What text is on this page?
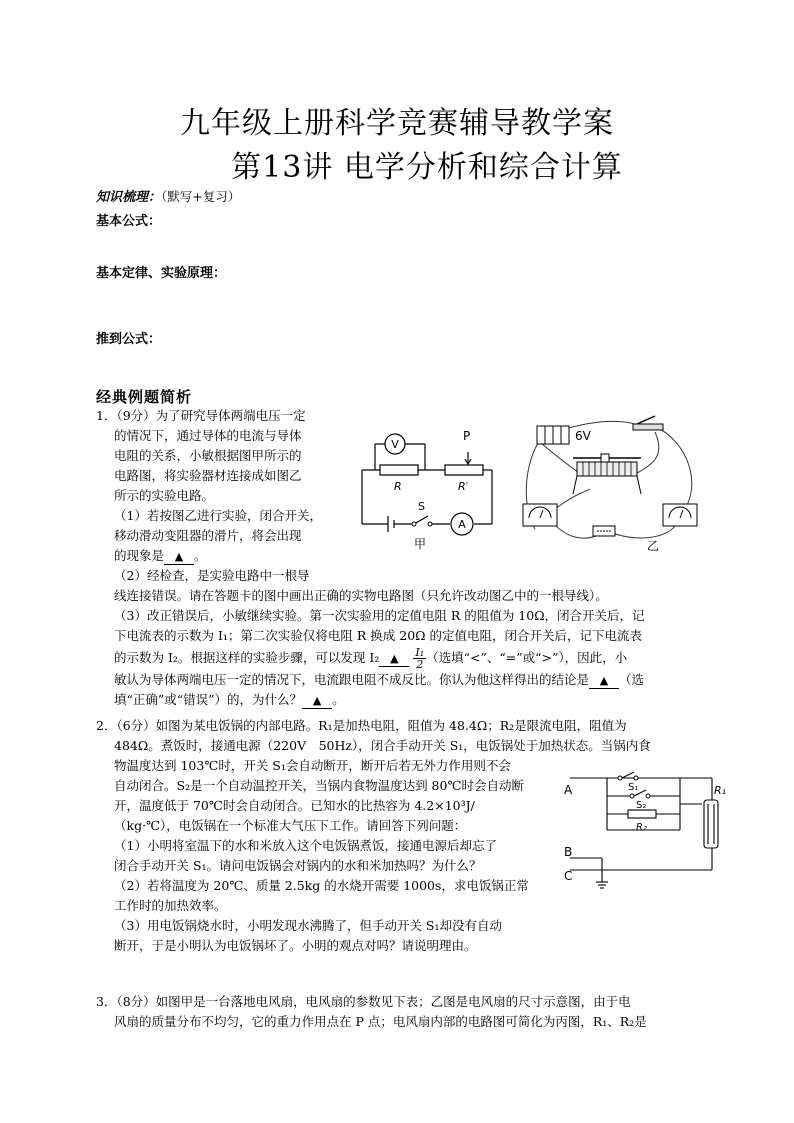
九年级上册科学竞赛辅导教学案
第13讲 电学分析和综合计算
知识梳理：（默写+复习）
基本公式：
基本定律、实验原理：
推到公式：
经典例题简析
1．（9分）为了研究导体两端电压一定
的情况下，通过导体的电流与导体
电阻的关系，小敏根据图甲所示的
电路图，将实验器材连接成如图乙
所示的实验电路。
（1）若按图乙进行实验，闭合开关，
移动滑动变阻器的滑片，将会出现
的现象是 ▲ 。
（2）经检查，是实验电路中一根导
线连接错误。请在答题卡的图中画出正确的实物电路图（只允许改动图乙中的一根导线）。
（3）改正错误后，小敏继续实验。第一次实验用的定值电阻 R 的阻值为 10Ω，闭合开关后，记
下电流表的示数为 I₁；第二次实验仅将电阻 R 换成 20Ω 的定值电阻，闭合开关后，记下电流表
的示数为 I₂。根据这样的实验步骤，可以发现 I₂ ▲ $\frac{\text{I₁}}{2}$ （选填“<”、“=”或“>”），因此，小
敏认为导体两端电压一定的情况下，电流跟电阻不成反比。你认为他这样得出的结论是 ▲ （选
填“正确”或“错误”）的，为什么？ ▲ 。
V
A
P
R	R′
S
甲
6V
乙
2．（6分）如图为某电饭锅的内部电路。R₁是加热电阻，阻值为 48.4Ω；R₂是限流电阻，阻值为
484Ω。煮饭时，接通电源（220V　50Hz），闭合手动开关 S₁，电饭锅处于加热状态。当锅内食
物温度达到 103℃时，开关 S₁会自动断开，断开后若无外力作用则不会
自动闭合。S₂是一个自动温控开关，当锅内食物温度达到 80℃时会自动断
开，温度低于 70℃时会自动闭合。已知水的比热容为 4.2×10³J/
（kg·℃），电饭锅在一个标准大气压下工作。请回答下列问题：
（1）小明将室温下的水和米放入这个电饭锅煮饭，接通电源后却忘了
闭合手动开关 S₁。请问电饭锅会对锅内的水和米加热吗？为什么？
（2）若将温度为 20℃、质量 2.5kg 的水烧开需要 1000s，求电饭锅正常
工作时的加热效率。
（3）用电饭锅烧水时，小明发现水沸腾了，但手动开关 S₁却没有自动
断开，于是小明认为电饭锅坏了。小明的观点对吗？请说明理由。
A
B
C
S₁
S₂
R₂
R₁
3．（8分）如图甲是一台落地电风扇，电风扇的参数见下表；乙图是电风扇的尺寸示意图，由于电
风扇的质量分布不均匀，它的重力作用点在 P 点；电风扇内部的电路图可简化为丙图，R₁、R₂是
